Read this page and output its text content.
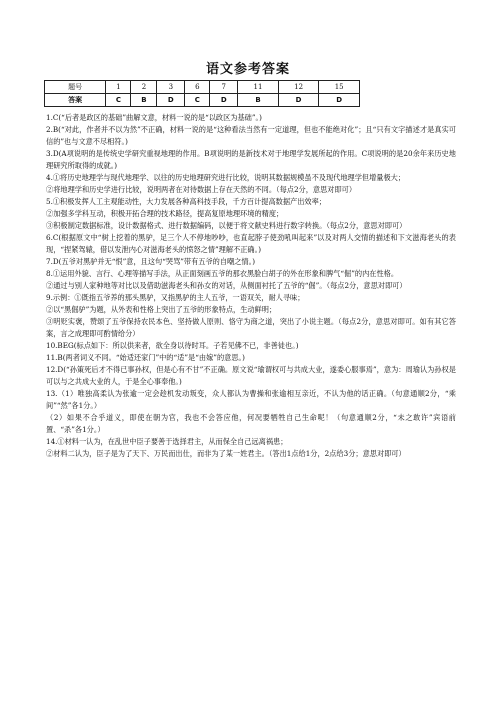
语文参考答案
题号	1	2	3	6	7	11	12	15
答案	C	B	D	C	D	B	D	D

1.C(“后者是政区的基础”曲解文意，材料一说的是“以政区为基础”。)

2.B(“对此，作者并不以为然”不正确，材料一说的是“这种看法当然有一定道理，但也不能绝对化”；且“只有文字描述才是真实可信的”也与文意不尽相符。)

3.D(A项说明的是传统史学研究重视地理的作用。B项说明的是新技术对于地理学发展所起的作用。C项说明的是20余年来历史地理研究所取得的成就。)

4.①将历史地理学与现代地理学、以往的历史地理研究进行比较，说明其数据规模虽不及现代地理学但增量极大；

②将地理学和历史学进行比较，说明两者在对待数据上存在天然的不同。（每点2分，意思对即可）

5.①积极发挥人工主观能动性，大力发展各种高科技手段，千方百计提高数据产出效率；

②加强多学科互动，积极开拓合理的技术路径，提高复原地理环境的精度；

③积极制定数据标准，设计数据格式、进行数据编码，以便于将文献史料进行数字转换。（每点2分，意思对即可）

6.C(根据原文中“树上挖着的黑驴，足三个人不停地吵吵，也直起脖子使劲吼叫起来”以及对两人交情的描述和下文滋海老头的表现，“捏紧驾辕，借以发泄内心对滋海老头的愤怒之情”理解不正确。)

7.D(五爷对黑驴并无“恨”意，且这句“哭骂”带有五爷的自嘲之情。)

8.①运用外貌、言行、心理等描写手法，从正面刻画五爷的那衣黑脸白胡子的外在形象和脾气“倔”的内在性格。

②通过与别人家种地等对比以及借助滋海老头和孙女的对话，从侧面衬托了五爷的“倔”。（每点2分，意思对即可）

9.示例：①既指五爷养的那头黑驴，又指黑驴的主人五爷，一语双关，耐人寻味；

②以“黑倔驴”为题，从外表和性格上突出了五爷的形象特点，生动鲜明；

③明贬实褒，赞颂了五爷保持农民本色、坚持做人原则、恪守为商之道，突出了小说主题。（每点2分，意思对即可。如有其它答案，言之成理即可酌情给分）

10.BEG(标点如下：所以供来者，欲全身以待时耳。子若见佛不已，非善徒也。)

11.B(两者词义不同。“始适还家门”中的“适”是“由嫁”的意思。)

12.D(“孙策死后才不得已事孙权，但是心有不甘”不正确。原文说“瑜谓权可与共成大业，遂委心服事焉”，意为：周瑜认为孙权是可以与之共成大业的人，于是全心事奉他。)

13.（1）唯独高柔认为张逾一定会趁机发动叛变，众人都认为曹操和张逾相互亲近，不认为他的话正确。（句意通顺2分，“乘间”“然”各1分。）

（2）如果不合乎道义，即使在朝为官，我也不会答应他，何况要牺牲自己生命呢！（句意通顺2分，“未之敢许”宾语前置、“杀”各1分。）

14.①材料一认为，在乱世中臣子要善于选择君主，从而保全自己远离祸患；

②材料二认为，臣子是为了天下、万民而出仕，而非为了某一姓君主。（答出1点给1分，2点给3分；意思对即可）
